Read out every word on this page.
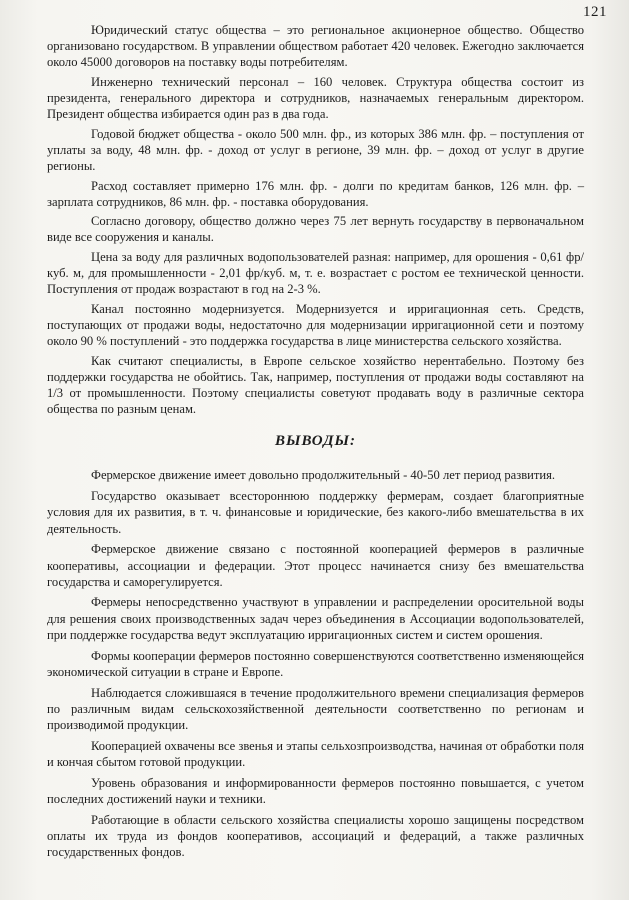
121

Юридический статус общества – это региональное акционерное общество. Общество организовано государством. В управлении обществом работает 420 человек. Ежегодно заключается около 45000 договоров на поставку воды потребителям.

Инженерно технический персонал – 160 человек. Структура общества состоит из президента, генерального директора и сотрудников, назначаемых генеральным директором. Президент общества избирается один раз в два года.

Годовой бюджет общества - около 500 млн. фр., из которых 386 млн. фр. – поступления от уплаты за воду, 48 млн. фр. - доход от услуг в регионе, 39 млн. фр. – доход от услуг в другие регионы.

Расход составляет примерно 176 млн. фр. - долги по кредитам банков, 126 млн. фр. – зарплата сотрудников, 86 млн. фр. - поставка оборудования.

Согласно договору, общество должно через 75 лет вернуть государству в первоначальном виде все сооружения и каналы.

Цена за воду для различных водопользователей разная: например, для орошения - 0,61 фр/куб. м, для промышленности - 2,01 фр/куб. м, т. е. возрастает с ростом ее технической ценности. Поступления от продаж возрастают в год на 2-3 %.

Канал постоянно модернизуется. Модернизуется и ирригационная сеть. Средств, поступающих от продажи воды, недостаточно для модернизации ирригационной сети и поэтому около 90 % поступлений - это поддержка государства в лице министерства сельского хозяйства.

Как считают специалисты, в Европе сельское хозяйство нерентабельно. Поэтому без поддержки государства не обойтись. Так, например, поступления от продажи воды составляют на 1/3 от промышленности. Поэтому специалисты советуют продавать воду в различные сектора общества по разным ценам.

ВЫВОДЫ:

Фермерское движение имеет довольно продолжительный - 40-50 лет период развития.

Государство оказывает всестороннюю поддержку фермерам, создает благоприятные условия для их развития, в т. ч. финансовые и юридические, без какого-либо вмешательства в их деятельность.

Фермерское движение связано с постоянной кооперацией фермеров в различные кооперативы, ассоциации и федерации. Этот процесс начинается снизу без вмешательства государства и саморегулируется.

Фермеры непосредственно участвуют в управлении и распределении оросительной воды для решения своих производственных задач через объединения в Ассоциации водопользователей, при поддержке государства ведут эксплуатацию ирригационных систем и систем орошения.

Формы кооперации фермеров постоянно совершенствуются соответственно изменяющейся экономической ситуации в стране и Европе.

Наблюдается сложившаяся в течение продолжительного времени специализация фермеров по различным видам сельскохозяйственной деятельности соответственно по регионам и производимой продукции.

Кооперацией охвачены все звенья и этапы сельхозпроизводства, начиная от обработки поля и кончая сбытом готовой продукции.

Уровень образования и информированности фермеров постоянно повышается, с учетом последних достижений науки и техники.

Работающие в области сельского хозяйства специалисты хорошо защищены посредством оплаты их труда из фондов кооперативов, ассоциаций и федераций, а также различных государственных фондов.
